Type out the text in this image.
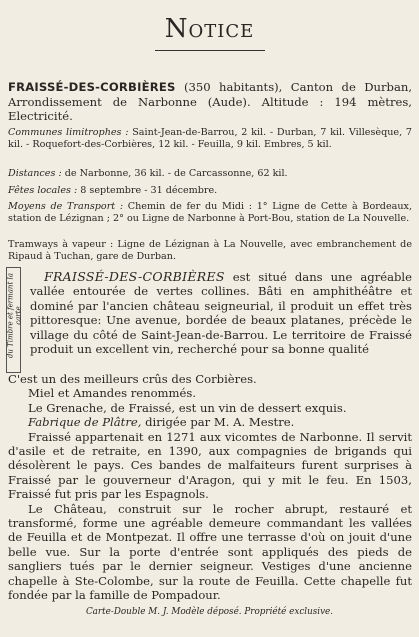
Notice
FRAISSÉ-DES-CORBIÈRES (350 habitants), Canton de Durban, Arrondissement de Narbonne (Aude). Altitude : 194 mètres, Electricité.
Communes limitrophes : Saint-Jean-de-Barrou, 2 kil. - Durban, 7 kil. Villesèque, 7 kil. - Roquefort-des-Corbières, 12 kil. - Feuilla, 9 kil. Embres, 5 kil.
Distances : de Narbonne, 36 kil. - de Carcassonne, 62 kil.
Fêtes locales : 8 septembre - 31 décembre.
Moyens de Transport : Chemin de fer du Midi : 1° Ligne de Cette à Bordeaux, station de Lézignan ; 2° ou Ligne de Narbonne à Port-Bou, station de La Nouvelle.
Tramways à vapeur : Ligne de Lézignan à La Nouvelle, avec embranchement de Ripaud à Tuchan, gare de Durban.
du Timbre et fermant la carte

FRAISSÉ-DES-CORBIÈRES est situé dans une agréable vallée entourée de vertes collines. Bâti en amphithéâtre et dominé par l'ancien château seigneurial, il produit un effet très pittoresque: Une avenue, bordée de beaux platanes, précède le village du côté de Saint-Jean-de-Barrou. Le territoire de Fraissé produit un excellent vin, recherché pour sa bonne qualité

C'est un des meilleurs crûs des Corbières.

Miel et Amandes renommés.

Le Grenache, de Fraissé, est un vin de dessert exquis.

Fabrique de Plâtre, dirigée par M. A. Mestre.

Fraissé appartenait en 1271 aux vicomtes de Narbonne. Il servit d'asile et de retraite, en 1390, aux compagnies de brigands qui désolèrent le pays. Ces bandes de malfaiteurs furent surprises à Fraissé par le gouverneur d'Aragon, qui y mit le feu. En 1503, Fraissé fut pris par les Espagnols.

Le Château, construit sur le rocher abrupt, restauré et transformé, forme une agréable demeure commandant les vallées de Feuilla et de Montpezat. Il offre une terrasse d'où on jouit d'une belle vue. Sur la porte d'entrée sont appliqués des pieds de sangliers tués par le dernier seigneur. Vestiges d'une ancienne chapelle à Ste-Colombe, sur la route de Feuilla. Cette chapelle fut fondée par la famille de Pompadour.

Carte-Double M. J. Modèle déposé. Propriété exclusive.
